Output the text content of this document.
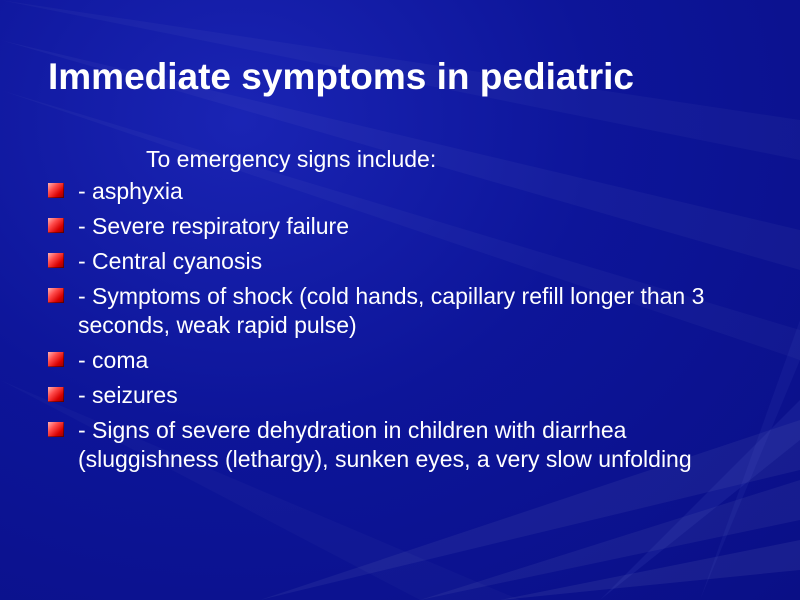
Immediate symptoms in pediatric
To emergency signs include:
- asphyxia
- Severe respiratory failure
- Central cyanosis
- Symptoms of shock (cold hands, capillary refill longer than 3 seconds, weak rapid pulse)
- coma
- seizures
- Signs of severe dehydration in children with diarrhea (sluggishness (lethargy), sunken eyes, a very slow unfolding
